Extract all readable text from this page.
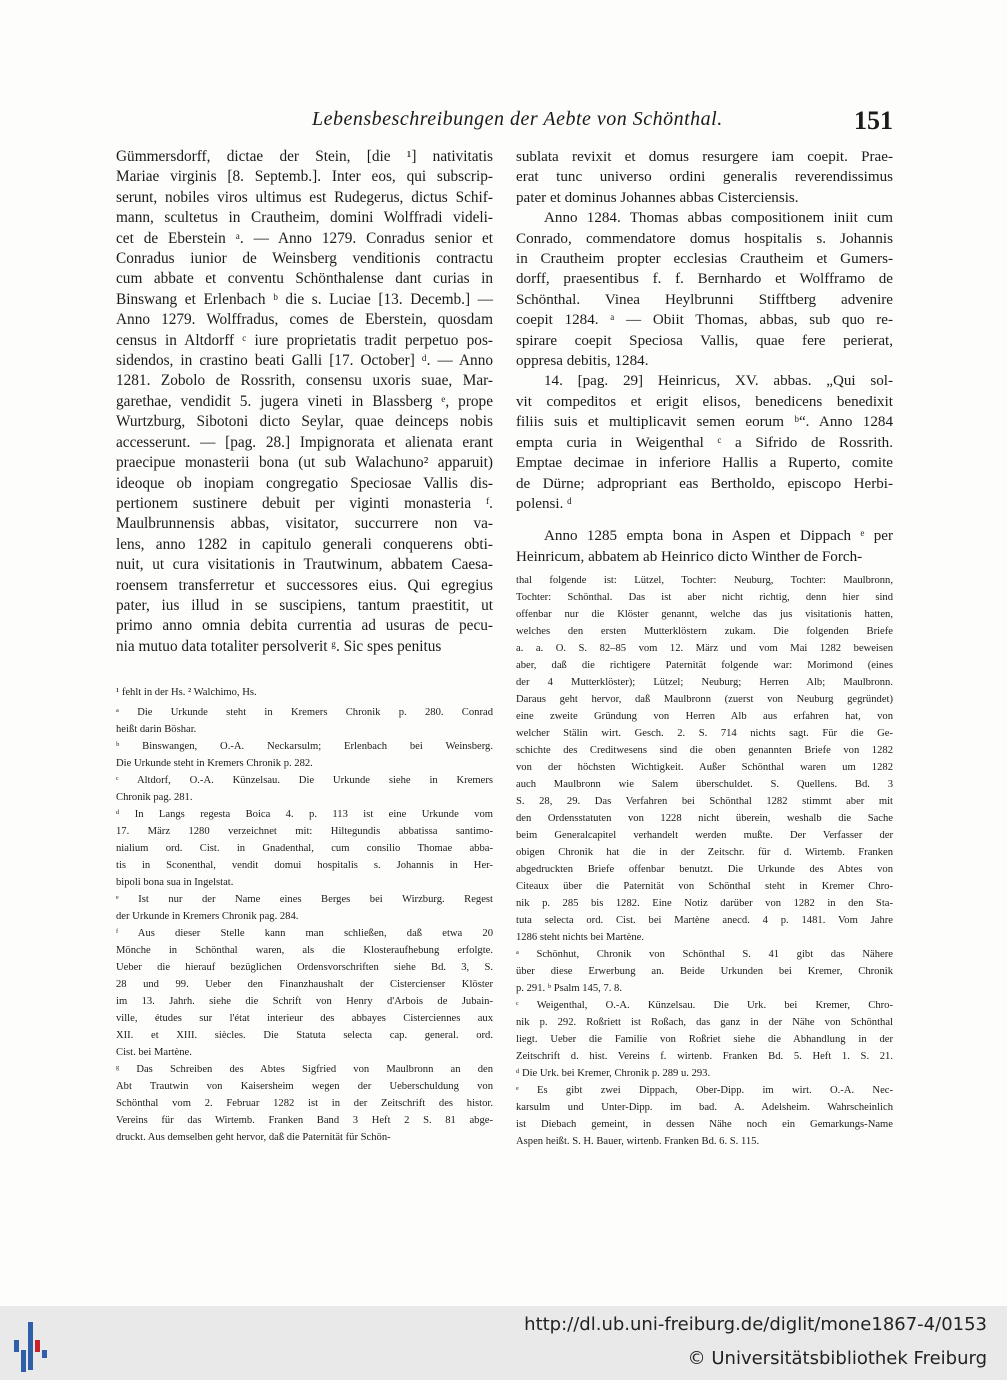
Lebensbeschreibungen der Aebte von Schönthal.	151

Gümmersdorff, dictae der Stein, [die ¹] nativitatis

Mariae virginis [8. Septemb.]. Inter eos, qui subscrip-

serunt, nobiles viros ultimus est Rudegerus, dictus Schif-

mann, scultetus in Crautheim, domini Wolffradi videli-

cet de Eberstein ᵃ. — Anno 1279. Conradus senior et

Conradus iunior de Weinsberg venditionis contractu

cum abbate et conventu Schönthalense dant curias in

Binswang et Erlenbach ᵇ die s. Luciae [13. Decemb.] —

Anno 1279. Wolffradus, comes de Eberstein, quosdam

census in Altdorff ᶜ iure proprietatis tradit perpetuo pos-

sidendos, in crastino beati Galli [17. October] ᵈ. — Anno

1281. Zobolo de Rossrith, consensu uxoris suae, Mar-

garethae, vendidit 5. jugera vineti in Blassberg ᵉ, prope

Wurtzburg, Sibotoni dicto Seylar, quae deinceps nobis

accesserunt. — [pag. 28.] Impignorata et alienata erant

praecipue monasterii bona (ut sub Walachuno² apparuit)

ideoque ob inopiam congregatio Speciosae Vallis dis-

pertionem sustinere debuit per viginti monasteria ᶠ.

Maulbrunnensis abbas, visitator, succurrere non va-

lens, anno 1282 in capitulo generali conquerens obti-

nuit, ut cura visitationis in Trautwinum, abbatem Caesa-

roensem transferretur et successores eius. Qui egregius

pater, ius illud in se suscipiens, tantum praestitit, ut

primo anno omnia debita currentia ad usuras de pecu-

nia mutuo data totaliter persolverit ᵍ. Sic spes penitus

¹ fehlt in der Hs. ² Walchimo, Hs.

ᵃ Die Urkunde steht in Kremers Chronik p. 280. Conrad

heißt darin Böshar.

ᵇ Binswangen, O.-A. Neckarsulm; Erlenbach bei Weinsberg.

Die Urkunde steht in Kremers Chronik p. 282.

ᶜ Altdorf, O.-A. Künzelsau. Die Urkunde siehe in Kremers

Chronik pag. 281.

ᵈ In Langs regesta Boica 4. p. 113 ist eine Urkunde vom

17. März 1280 verzeichnet mit: Hiltegundis abbatissa santimo-

nialium ord. Cist. in Gnadenthal, cum consilio Thomae abba-

tis in Sconenthal, vendit domui hospitalis s. Johannis in Her-

bipoli bona sua in Ingelstat.

ᵉ Ist nur der Name eines Berges bei Wirzburg. Regest

der Urkunde in Kremers Chronik pag. 284.

ᶠ Aus dieser Stelle kann man schließen, daß etwa 20

Mönche in Schönthal waren, als die Klosteraufhebung erfolgte.

Ueber die hierauf bezüglichen Ordensvorschriften siehe Bd. 3, S.

28 und 99. Ueber den Finanzhaushalt der Cistercienser Klöster

im 13. Jahrh. siehe die Schrift von Henry d'Arbois de Jubain-

ville, études sur l'état interieur des abbayes Cisterciennes aux

XII. et XIII. siècles. Die Statuta selecta cap. general. ord.

Cist. bei Martène.

ᵍ Das Schreiben des Abtes Sigfried von Maulbronn an den

Abt Trautwin von Kaisersheim wegen der Ueberschuldung von

Schönthal vom 2. Februar 1282 ist in der Zeitschrift des histor.

Vereins für das Wirtemb. Franken Band 3 Heft 2 S. 81 abge-

druckt. Aus demselben geht hervor, daß die Paternität für Schön-

sublata revixit et domus resurgere iam coepit. Prae-

erat tunc universo ordini generalis reverendissimus

pater et dominus Johannes abbas Cisterciensis.

Anno 1284. Thomas abbas compositionem iniit cum

Conrado, commendatore domus hospitalis s. Johannis

in Crautheim propter ecclesias Crautheim et Gumers-

dorff, praesentibus f. f. Bernhardo et Wolfframo de

Schönthal. Vinea Heylbrunni Stifftberg advenire

coepit 1284. ᵃ — Obiit Thomas, abbas, sub quo re-

spirare coepit Speciosa Vallis, quae fere perierat,

oppresa debitis, 1284.

14. [pag. 29] Heinricus, XV. abbas. „Qui sol-

vit compeditos et erigit elisos, benedicens benedixit

filiis suis et multiplicavit semen eorum ᵇ“. Anno 1284

empta curia in Weigenthal ᶜ a Sifrido de Rossrith.

Emptae decimae in inferiore Hallis a Ruperto, comite

de Dürne; adpropriant eas Bertholdo, episcopo Herbi-

polensi. ᵈ

Anno 1285 empta bona in Aspen et Dippach ᵉ per

Heinricum, abbatem ab Heinrico dicto Winther de Forch-

thal folgende ist: Lützel, Tochter: Neuburg, Tochter: Maulbronn,

Tochter: Schönthal. Das ist aber nicht richtig, denn hier sind

offenbar nur die Klöster genannt, welche das jus visitationis hatten,

welches den ersten Mutterklöstern zukam. Die folgenden Briefe

a. a. O. S. 82–85 vom 12. März und vom Mai 1282 beweisen

aber, daß die richtigere Paternität folgende war: Morimond (eines

der 4 Mutterklöster); Lützel; Neuburg; Herren Alb; Maulbronn.

Daraus geht hervor, daß Maulbronn (zuerst von Neuburg gegründet)

eine zweite Gründung von Herren Alb aus erfahren hat, von

welcher Stälin wirt. Gesch. 2. S. 714 nichts sagt. Für die Ge-

schichte des Creditwesens sind die oben genannten Briefe von 1282

von der höchsten Wichtigkeit. Außer Schönthal waren um 1282

auch Maulbronn wie Salem überschuldet. S. Quellens. Bd. 3

S. 28, 29. Das Verfahren bei Schönthal 1282 stimmt aber mit

den Ordensstatuten von 1228 nicht überein, weshalb die Sache

beim Generalcapitel verhandelt werden mußte. Der Verfasser der

obigen Chronik hat die in der Zeitschr. für d. Wirtemb. Franken

abgedruckten Briefe offenbar benutzt. Die Urkunde des Abtes von

Citeaux über die Paternität von Schönthal steht in Kremer Chro-

nik p. 285 bis 1282. Eine Notiz darüber von 1282 in den Sta-

tuta selecta ord. Cist. bei Martène anecd. 4 p. 1481. Vom Jahre

1286 steht nichts bei Martène.

ᵃ Schönhut, Chronik von Schönthal S. 41 gibt das Nähere

über diese Erwerbung an. Beide Urkunden bei Kremer, Chronik

p. 291. ᵇ Psalm 145, 7. 8.

ᶜ Weigenthal, O.-A. Künzelsau. Die Urk. bei Kremer, Chro-

nik p. 292. Roßriett ist Roßach, das ganz in der Nähe von Schönthal

liegt. Ueber die Familie von Roßriet siehe die Abhandlung in der

Zeitschrift d. hist. Vereins f. wirtenb. Franken Bd. 5. Heft 1. S. 21.

ᵈ Die Urk. bei Kremer, Chronik p. 289 u. 293.

ᵉ Es gibt zwei Dippach, Ober-Dipp. im wirt. O.-A. Nec-

karsulm und Unter-Dipp. im bad. A. Adelsheim. Wahrscheinlich

ist Diebach gemeint, in dessen Nähe noch ein Gemarkungs-Name

Aspen heißt. S. H. Bauer, wirtenb. Franken Bd. 6. S. 115.

http://dl.ub.uni-freiburg.de/diglit/mone1867-4/0153
© Universitätsbibliothek Freiburg
